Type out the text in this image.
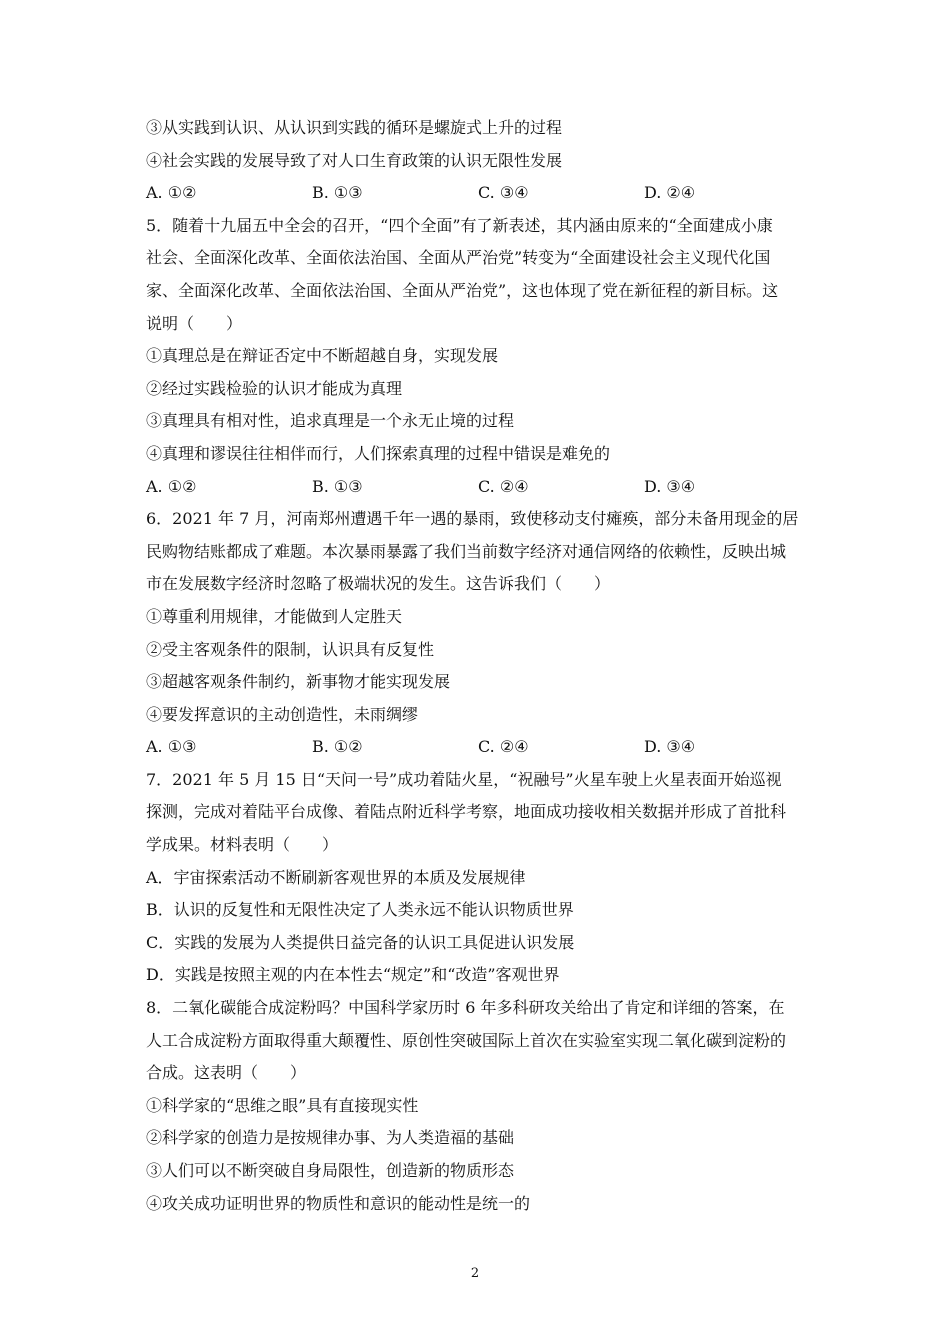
③从实践到认识、从认识到实践的循环是螺旋式上升的过程
④社会实践的发展导致了对人口生育政策的认识无限性发展
A. ①②	B. ①③	C. ③④	D. ②④
5．随着十九届五中全会的召开，“四个全面”有了新表述，其内涵由原来的“全面建成小康
社会、全面深化改革、全面依法治国、全面从严治党”转变为“全面建设社会主义现代化国
家、全面深化改革、全面依法治国、全面从严治党”，这也体现了党在新征程的新目标。这
说明（　　）
①真理总是在辩证否定中不断超越自身，实现发展
②经过实践检验的认识才能成为真理
③真理具有相对性，追求真理是一个永无止境的过程
④真理和谬误往往相伴而行，人们探索真理的过程中错误是难免的
A. ①②	B. ①③	C. ②④	D. ③④
6．2021 年 7 月，河南郑州遭遇千年一遇的暴雨，致使移动支付瘫痪，部分未备用现金的居
民购物结账都成了难题。本次暴雨暴露了我们当前数字经济对通信网络的依赖性，反映出城
市在发展数字经济时忽略了极端状况的发生。这告诉我们（　　）
①尊重利用规律，才能做到人定胜天
②受主客观条件的限制，认识具有反复性
③超越客观条件制约，新事物才能实现发展
④要发挥意识的主动创造性，未雨绸缪
A. ①③	B. ①②	C. ②④	D. ③④
7．2021 年 5 月 15 日“天问一号”成功着陆火星，“祝融号”火星车驶上火星表面开始巡视
探测，完成对着陆平台成像、着陆点附近科学考察，地面成功接收相关数据并形成了首批科
学成果。材料表明（　　）
A．宇宙探索活动不断刷新客观世界的本质及发展规律
B．认识的反复性和无限性决定了人类永远不能认识物质世界
C．实践的发展为人类提供日益完备的认识工具促进认识发展
D．实践是按照主观的内在本性去“规定”和“改造”客观世界
8．二氧化碳能合成淀粉吗？中国科学家历时 6 年多科研攻关给出了肯定和详细的答案，在
人工合成淀粉方面取得重大颠覆性、原创性突破国际上首次在实验室实现二氧化碳到淀粉的
合成。这表明（　　）
①科学家的“思维之眼”具有直接现实性
②科学家的创造力是按规律办事、为人类造福的基础
③人们可以不断突破自身局限性，创造新的物质形态
④攻关成功证明世界的物质性和意识的能动性是统一的
2
